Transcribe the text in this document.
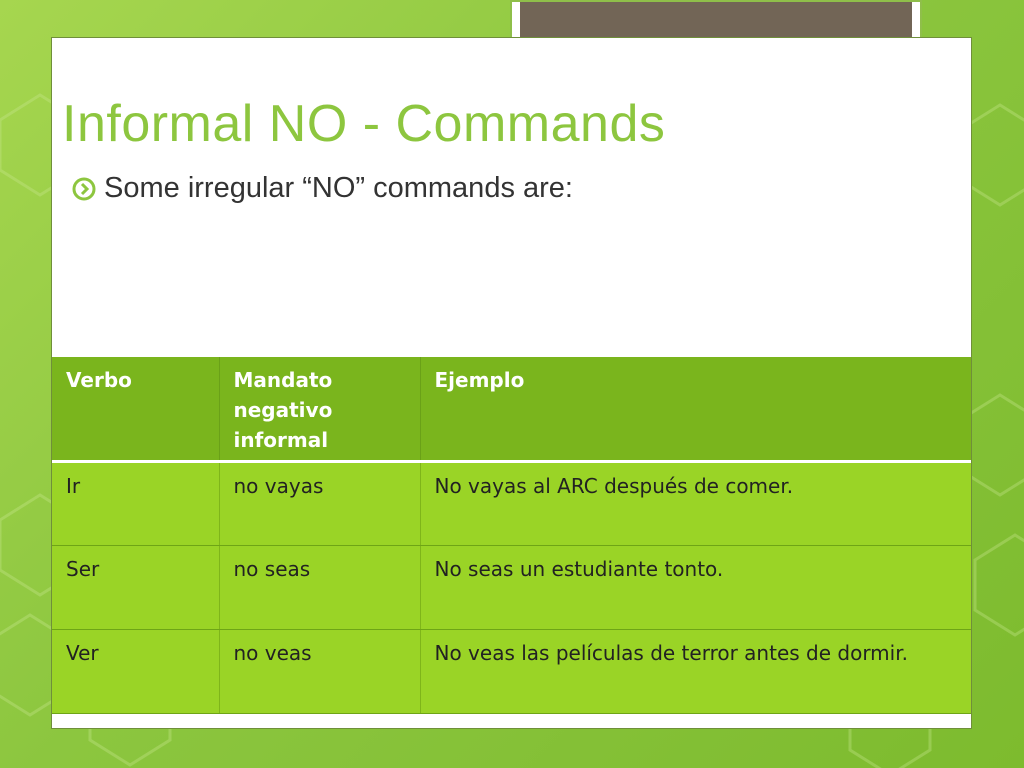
Informal NO - Commands
Some irregular “NO” commands are:
Verbo	Mandato negativo informal	Ejemplo
Ir	no vayas	No vayas al ARC después de comer.
Ser	no seas	No seas un estudiante tonto.
Ver	no veas	No veas las películas de terror antes de dormir.
